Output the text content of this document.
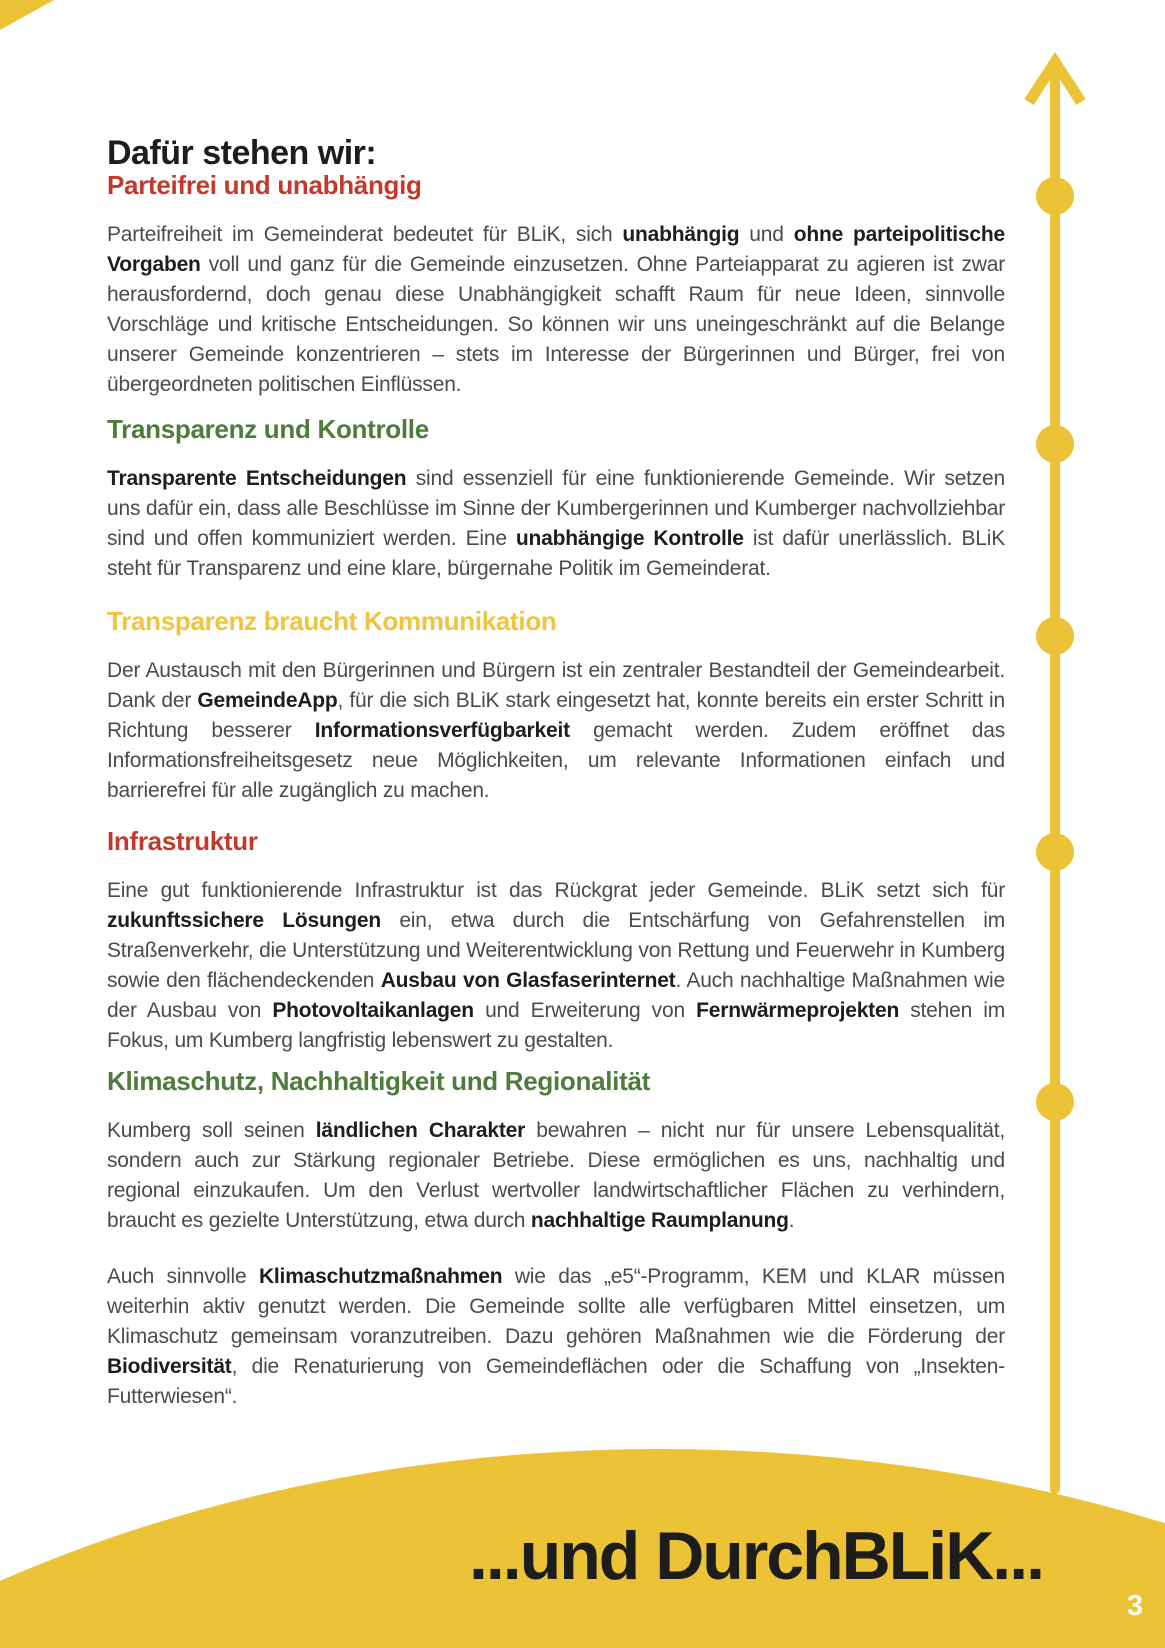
Dafür stehen wir:
Parteifrei und unabhängig

Parteifreiheit im Gemeinderat bedeutet für BLiK, sich unabhängig und ohne parteipolitische Vorgaben voll und ganz für die Gemeinde einzusetzen. Ohne Parteiapparat zu agieren ist zwar herausfordernd, doch genau diese Unabhängigkeit schafft Raum für neue Ideen, sinnvolle Vorschläge und kritische Entscheidungen. So können wir uns uneingeschränkt auf die Belange unserer Gemeinde konzentrieren – stets im Interesse der Bürgerinnen und Bürger, frei von übergeordneten politischen Einflüssen.

Transparenz und Kontrolle

Transparente Entscheidungen sind essenziell für eine funktionierende Gemeinde. Wir setzen uns dafür ein, dass alle Beschlüsse im Sinne der Kumbergerinnen und Kumberger nachvollziehbar sind und offen kommuniziert werden. Eine unabhängige Kontrolle ist dafür unerlässlich. BLiK steht für Transparenz und eine klare, bürgernahe Politik im Gemeinderat.

Transparenz braucht Kommunikation

Der Austausch mit den Bürgerinnen und Bürgern ist ein zentraler Bestandteil der Gemeindearbeit. Dank der GemeindeApp, für die sich BLiK stark eingesetzt hat, konnte bereits ein erster Schritt in Richtung besserer Informationsverfügbarkeit gemacht werden. Zudem eröffnet das Informationsfreiheitsgesetz neue Möglichkeiten, um relevante Informationen einfach und barrierefrei für alle zugänglich zu machen.

Infrastruktur

Eine gut funktionierende Infrastruktur ist das Rückgrat jeder Gemeinde. BLiK setzt sich für zukunftssichere Lösungen ein, etwa durch die Entschärfung von Gefahrenstellen im Straßenverkehr, die Unterstützung und Weiterentwicklung von Rettung und Feuerwehr in Kumberg sowie den flächendeckenden Ausbau von Glasfaserinternet. Auch nachhaltige Maßnahmen wie der Ausbau von Photovoltaikanlagen und Erweiterung von Fernwärmeprojekten stehen im Fokus, um Kumberg langfristig lebenswert zu gestalten.

Klimaschutz, Nachhaltigkeit und Regionalität

Kumberg soll seinen ländlichen Charakter bewahren – nicht nur für unsere Lebensqualität, sondern auch zur Stärkung regionaler Betriebe. Diese ermöglichen es uns, nachhaltig und regional einzukaufen. Um den Verlust wertvoller landwirtschaftlicher Flächen zu verhindern, braucht es gezielte Unterstützung, etwa durch nachhaltige Raumplanung.

Auch sinnvolle Klimaschutzmaßnahmen wie das „e5“-Programm, KEM und KLAR müssen weiterhin aktiv genutzt werden. Die Gemeinde sollte alle verfügbaren Mittel einsetzen, um Klimaschutz gemeinsam voranzutreiben. Dazu gehören Maßnahmen wie die Förderung der Biodiversität, die Renaturierung von Gemeindeflächen oder die Schaffung von „Insekten-Futterwiesen“.

...und DurchBLiK...
3
